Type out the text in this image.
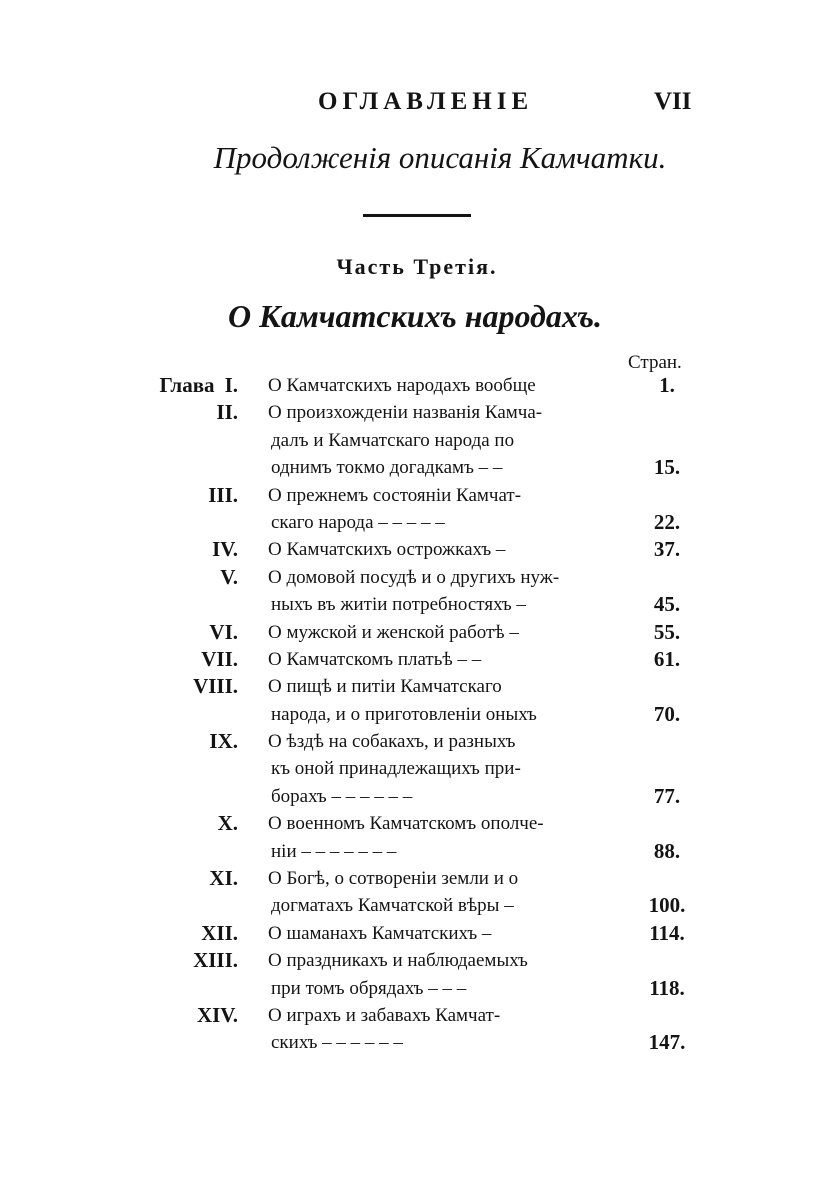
ОГЛАВЛЕНІЕ	VII
Продолженія описанія Камчатки.
Часть Третія.
О Камчатскихъ народахъ.
Стран.
Глава I. О Камчатскихъ народахъ вообще	1.
II. О произхожденіи названія Камча-
далъ и Камчатскаго народа по
однимъ токмо догадкамъ – –	15.
III. О прежнемъ состояніи Камчат-
скаго народа – – – – –	22.
IV. О Камчатскихъ острожкахъ –	37.
V. О домовой посудѣ и о другихъ нуж-
ныхъ въ житіи потребностяхъ –	45.
VI. О мужской и женской работѣ –	55.
VII. О Камчатскомъ платьѣ – –	61.
VIII. О пищѣ и питіи Камчатскаго
народа, и о приготовленіи оныхъ	70.
IX. О ѣздѣ на собакахъ, и разныхъ
къ оной принадлежащихъ при-
борахъ – – – – – –	77.
X. О военномъ Камчатскомъ ополче-
ніи – – – – – – –	88.
XI. О Богѣ, о сотвореніи земли и о
догматахъ Камчатской вѣры –	100.
XII. О шаманахъ Камчатскихъ –	114.
XIII. О праздникахъ и наблюдаемыхъ
при томъ обрядахъ – – –	118.
XIV. О играхъ и забавахъ Камчат-
скихъ – – – – – –	147.
